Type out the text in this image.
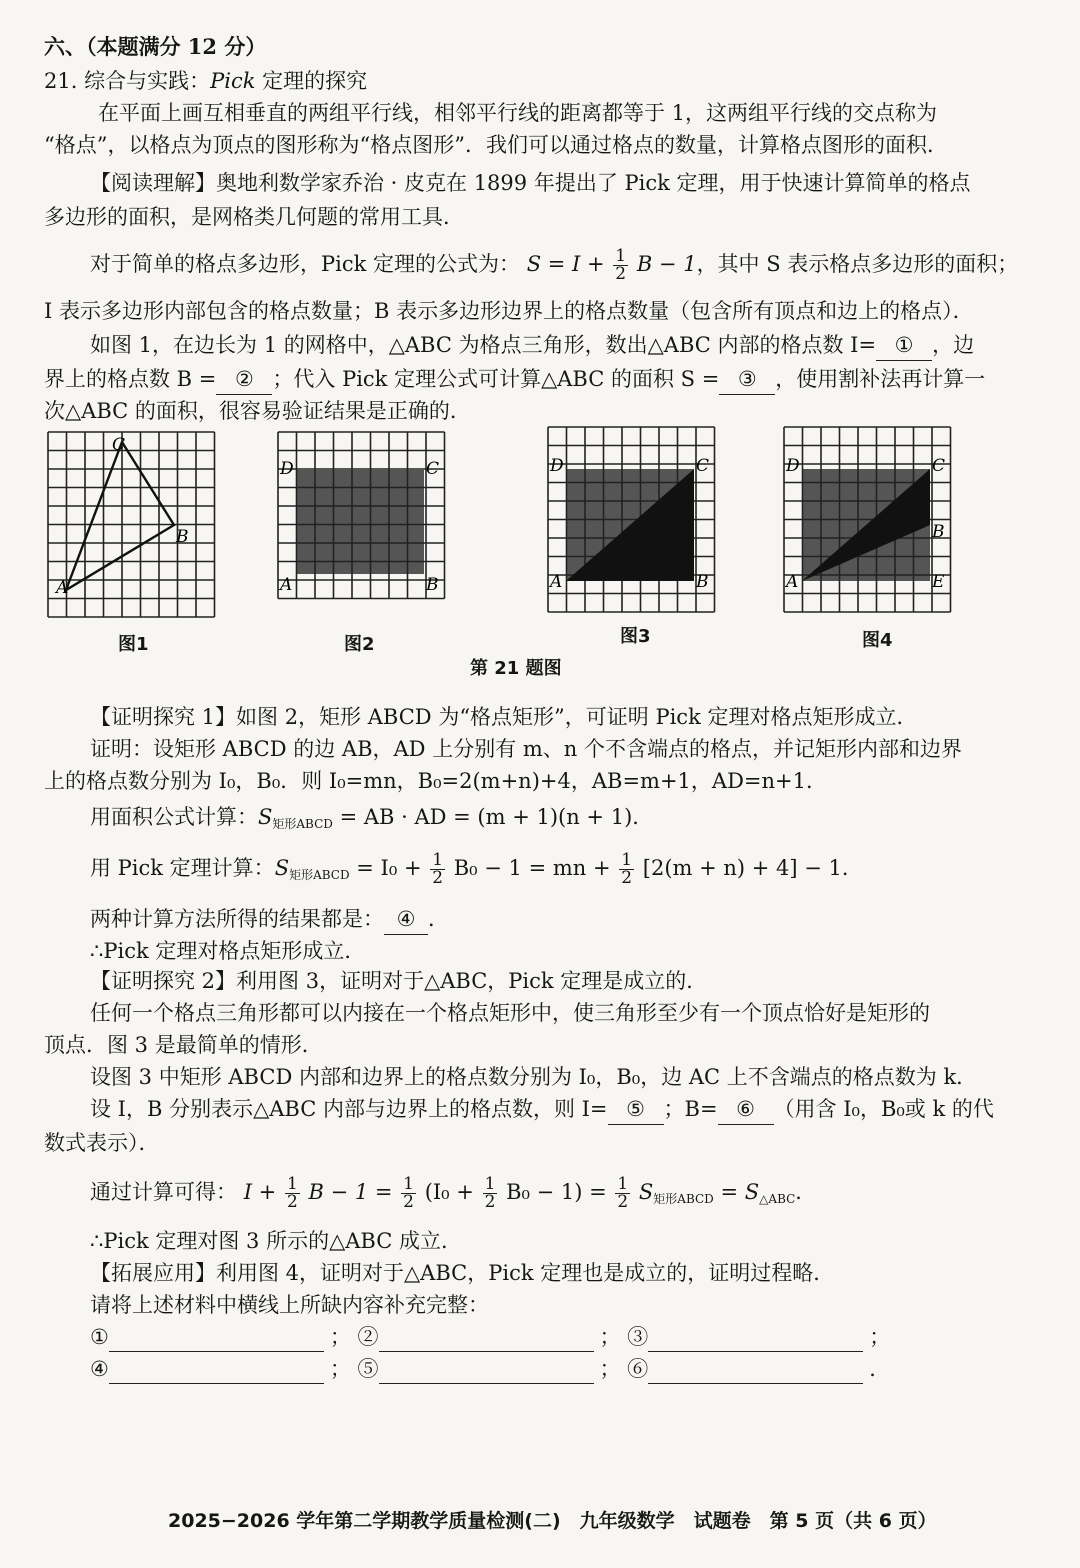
六、（本题满分 12 分）
21. 综合与实践：Pick 定理的探究
在平面上画互相垂直的两组平行线，相邻平行线的距离都等于 1，这两组平行线的交点称为
“格点”，以格点为顶点的图形称为“格点图形”．我们可以通过格点的数量，计算格点图形的面积．
【阅读理解】奥地利数学家乔治 · 皮克在 1899 年提出了 Pick 定理，用于快速计算简单的格点
多边形的面积，是网格类几何题的常用工具．
对于简单的格点多边形，Pick 定理的公式为： $S = I + \frac{1}{2}$ B − 1，其中 S 表示格点多边形的面积；
I 表示多边形内部包含的格点数量；B 表示多边形边界上的格点数量（包含所有顶点和边上的格点）．
如图 1，在边长为 1 的网格中，△ABC 为格点三角形，数出△ABC 内部的格点数 I= ① ，边
界上的格点数 B = ② ；代入 Pick 定理公式可计算△ABC 的面积 S = ③ ，使用割补法再计算一
次△ABC 的面积，很容易验证结果是正确的．
A
B
C
D	C
A	B
D	C
A	B
D	C
B
A	E
图1	图2	图3	图4
第 21 题图
【证明探究 1】如图 2，矩形 ABCD 为“格点矩形”，可证明 Pick 定理对格点矩形成立．
证明：设矩形 ABCD 的边 AB，AD 上分别有 m、n 个不含端点的格点，并记矩形内部和边界
上的格点数分别为 I₀，B₀．则 I₀=mn，B₀=2(m+n)+4，AB=m+1，AD=n+1．
用面积公式计算：S矩形ABCD = AB · AD = (m + 1)(n + 1)．
用 Pick 定理计算：S矩形ABCD = $I_0 + \frac{1}{2} B_0 - 1$ = mn + $\frac{1}{2} [2(m + n) + 4] - 1$．
两种计算方法所得的结果都是： ④ ．
∴Pick 定理对格点矩形成立．
【证明探究 2】利用图 3，证明对于△ABC，Pick 定理是成立的．
任何一个格点三角形都可以内接在一个格点矩形中，使三角形至少有一个顶点恰好是矩形的
顶点．图 3 是最简单的情形．
设图 3 中矩形 ABCD 内部和边界上的格点数分别为 I₀，B₀，边 AC 上不含端点的格点数为 k．
设 I，B 分别表示△ABC 内部与边界上的格点数，则 I= ⑤ ；B= ⑥ （用含 I₀，B₀或 k 的代
数式表示）．
通过计算可得： $I + \frac{1}{2}$ $B - 1 = \frac{1}{2} (I_0 + \frac{1}{2} B_0 - 1) = \frac{1}{2}$ S矩形ABCD = S△ABC．
∴Pick 定理对图 3 所示的△ABC 成立．
【拓展应用】利用图 4，证明对于△ABC，Pick 定理也是成立的，证明过程略．
请将上述材料中横线上所缺内容补充完整：
①	； ②	； ③	；
④	； ⑤	； ⑥	．
2025−2026 学年第二学期教学质量检测(二)　九年级数学　试题卷　第 5 页（共 6 页）
